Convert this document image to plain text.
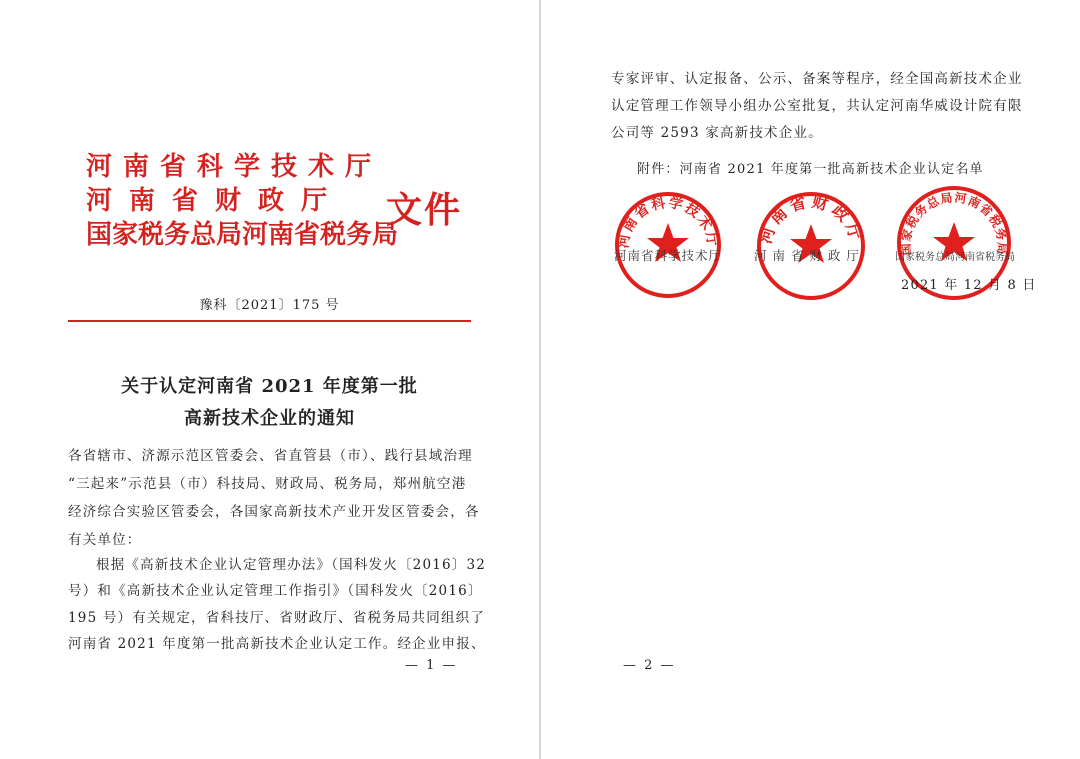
河南省科学技术厅
河南省财政厅
国家税务总局河南省税务局
文件
豫科〔2021〕175 号
关于认定河南省 2021 年度第一批
高新技术企业的通知
各省辖市、济源示范区管委会、省直管县（市）、践行县域治理
“三起来”示范县（市）科技局、财政局、税务局，郑州航空港
经济综合实验区管委会，各国家高新技术产业开发区管委会，各
有关单位：
根据《高新技术企业认定管理办法》（国科发火〔2016〕32
号）和《高新技术企业认定管理工作指引》（国科发火〔2016〕
195 号）有关规定，省科技厅、省财政厅、省税务局共同组织了
河南省 2021 年度第一批高新技术企业认定工作。经企业申报、
— 1 —
专家评审、认定报备、公示、备案等程序，经全国高新技术企业
认定管理工作领导小组办公室批复，共认定河南华威设计院有限
公司等 2593 家高新技术企业。
附件：河南省 2021 年度第一批高新技术企业认定名单
河南省科学技术厅 河南省财政厅
国家税务总局河南省税务局
河南省科学技术厅	河 南 省 财 政 厅	国家税务总局河南省税务局
2021 年 12 月 8 日
— 2 —
